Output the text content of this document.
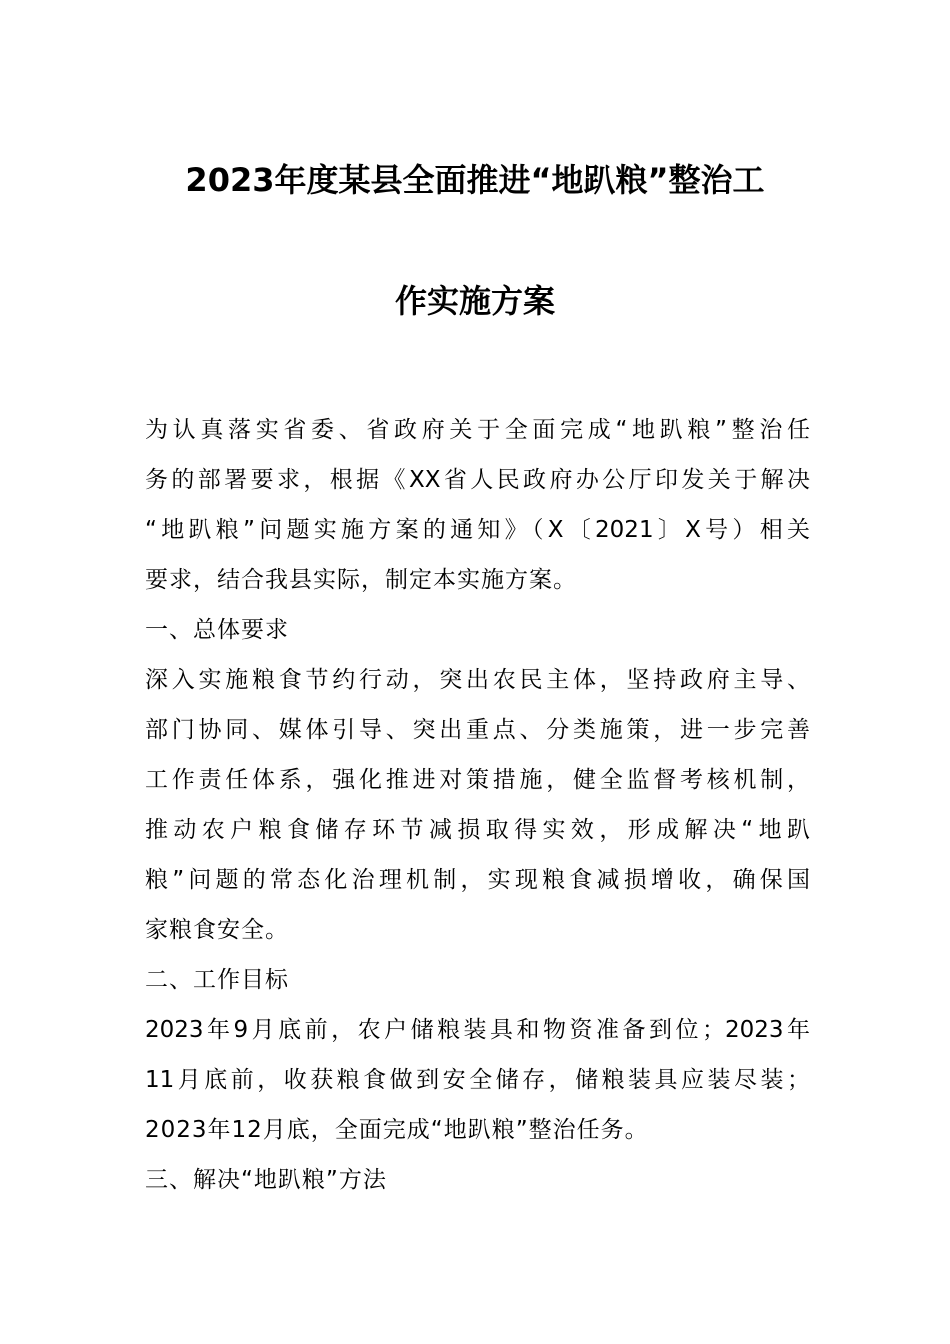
2023年度某县全面推进“地趴粮”整治工
作实施方案
为认真落实省委、省政府关于全面完成“地趴粮”整治任
务的部署要求，根据《XX省人民政府办公厅印发关于解决
“地趴粮”问题实施方案的通知》（X〔2021〕X号）相关
要求，结合我县实际，制定本实施方案。
一、总体要求
深入实施粮食节约行动，突出农民主体，坚持政府主导、
部门协同、媒体引导、突出重点、分类施策，进一步完善
工作责任体系，强化推进对策措施，健全监督考核机制，
推动农户粮食储存环节减损取得实效，形成解决“地趴
粮”问题的常态化治理机制，实现粮食减损增收，确保国
家粮食安全。
二、工作目标
2023年9月底前，农户储粮装具和物资准备到位；2023年
11月底前，收获粮食做到安全储存，储粮装具应装尽装；
2023年12月底，全面完成“地趴粮”整治任务。
三、解决“地趴粮”方法
